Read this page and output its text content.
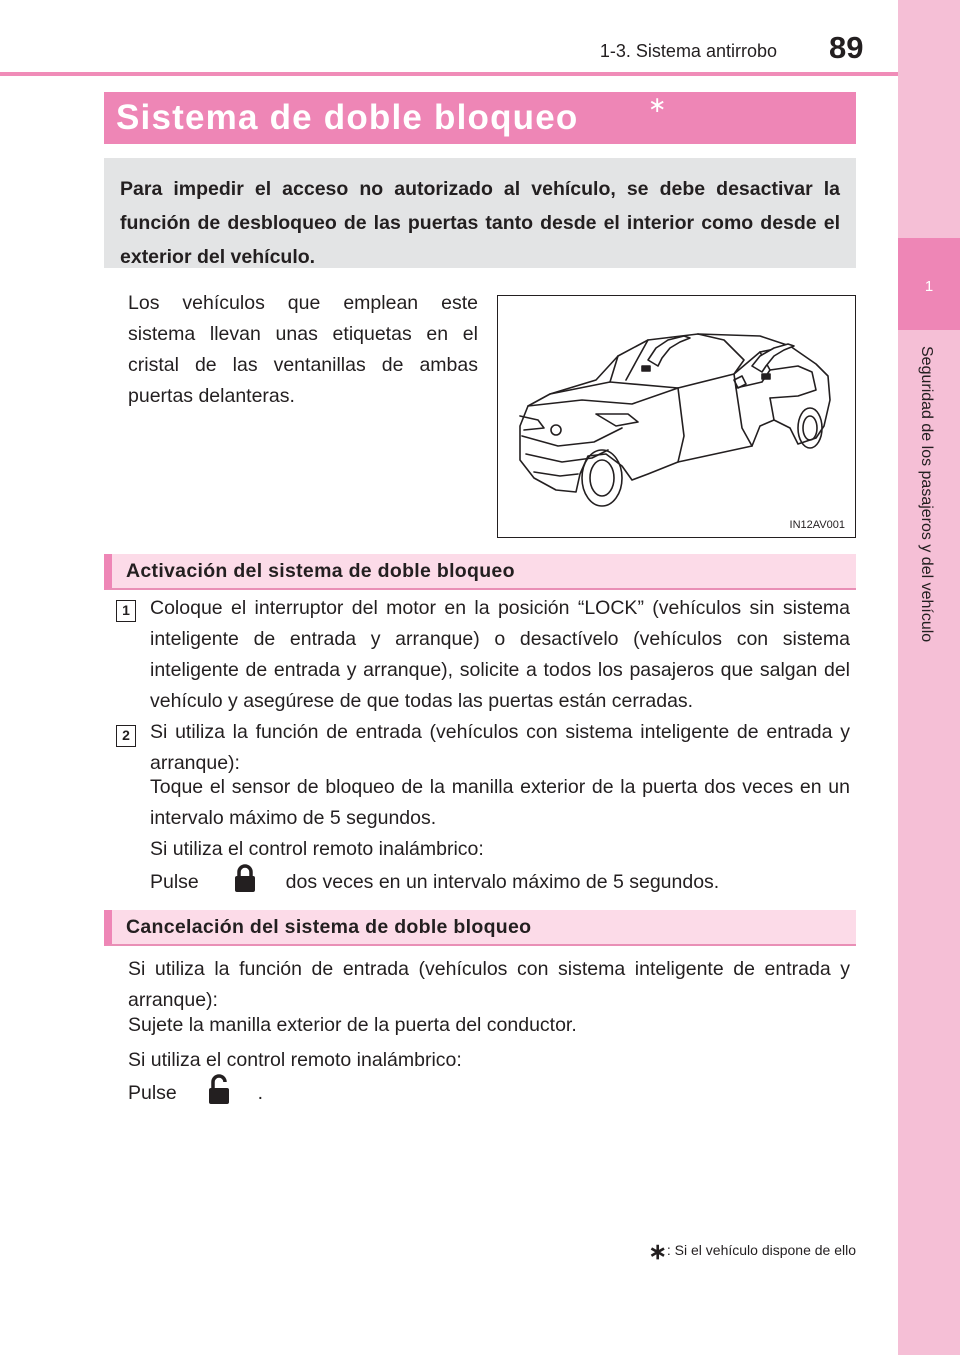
1-3. Sistema antirrobo 89
1
Seguridad de los pasajeros y del vehículo
Sistema de doble bloqueo	∗

Para impedir el acceso no autorizado al vehículo, se debe desactivar la función de desbloqueo de las puertas tanto desde el interior como desde el exterior del vehículo.

Los vehículos que emplean este sistema llevan unas etiquetas en el cristal de las ventanillas de ambas puertas delanteras.
IN12AV001
Activación del sistema de doble bloqueo
1	Coloque el interruptor del motor en la posición “LOCK” (vehículos sin sistema inteligente de entrada y arranque) o desactívelo (vehículos con sistema inteligente de entrada y arranque), solicite a todos los pasajeros que salgan del vehículo y asegúrese de que todas las puertas están cerradas.
2	Si utiliza la función de entrada (vehículos con sistema inteligente de entrada y arranque):
Toque el sensor de bloqueo de la manilla exterior de la puerta dos veces en un intervalo máximo de 5 segundos.
Si utiliza el control remoto inalámbrico:
Pulse	dos veces en un intervalo máximo de 5 segundos.
Cancelación del sistema de doble bloqueo
Si utiliza la función de entrada (vehículos con sistema inteligente de entrada y arranque):
Sujete la manilla exterior de la puerta del conductor.
Si utiliza el control remoto inalámbrico:
Pulse	.
∗: Si el vehículo dispone de ello
